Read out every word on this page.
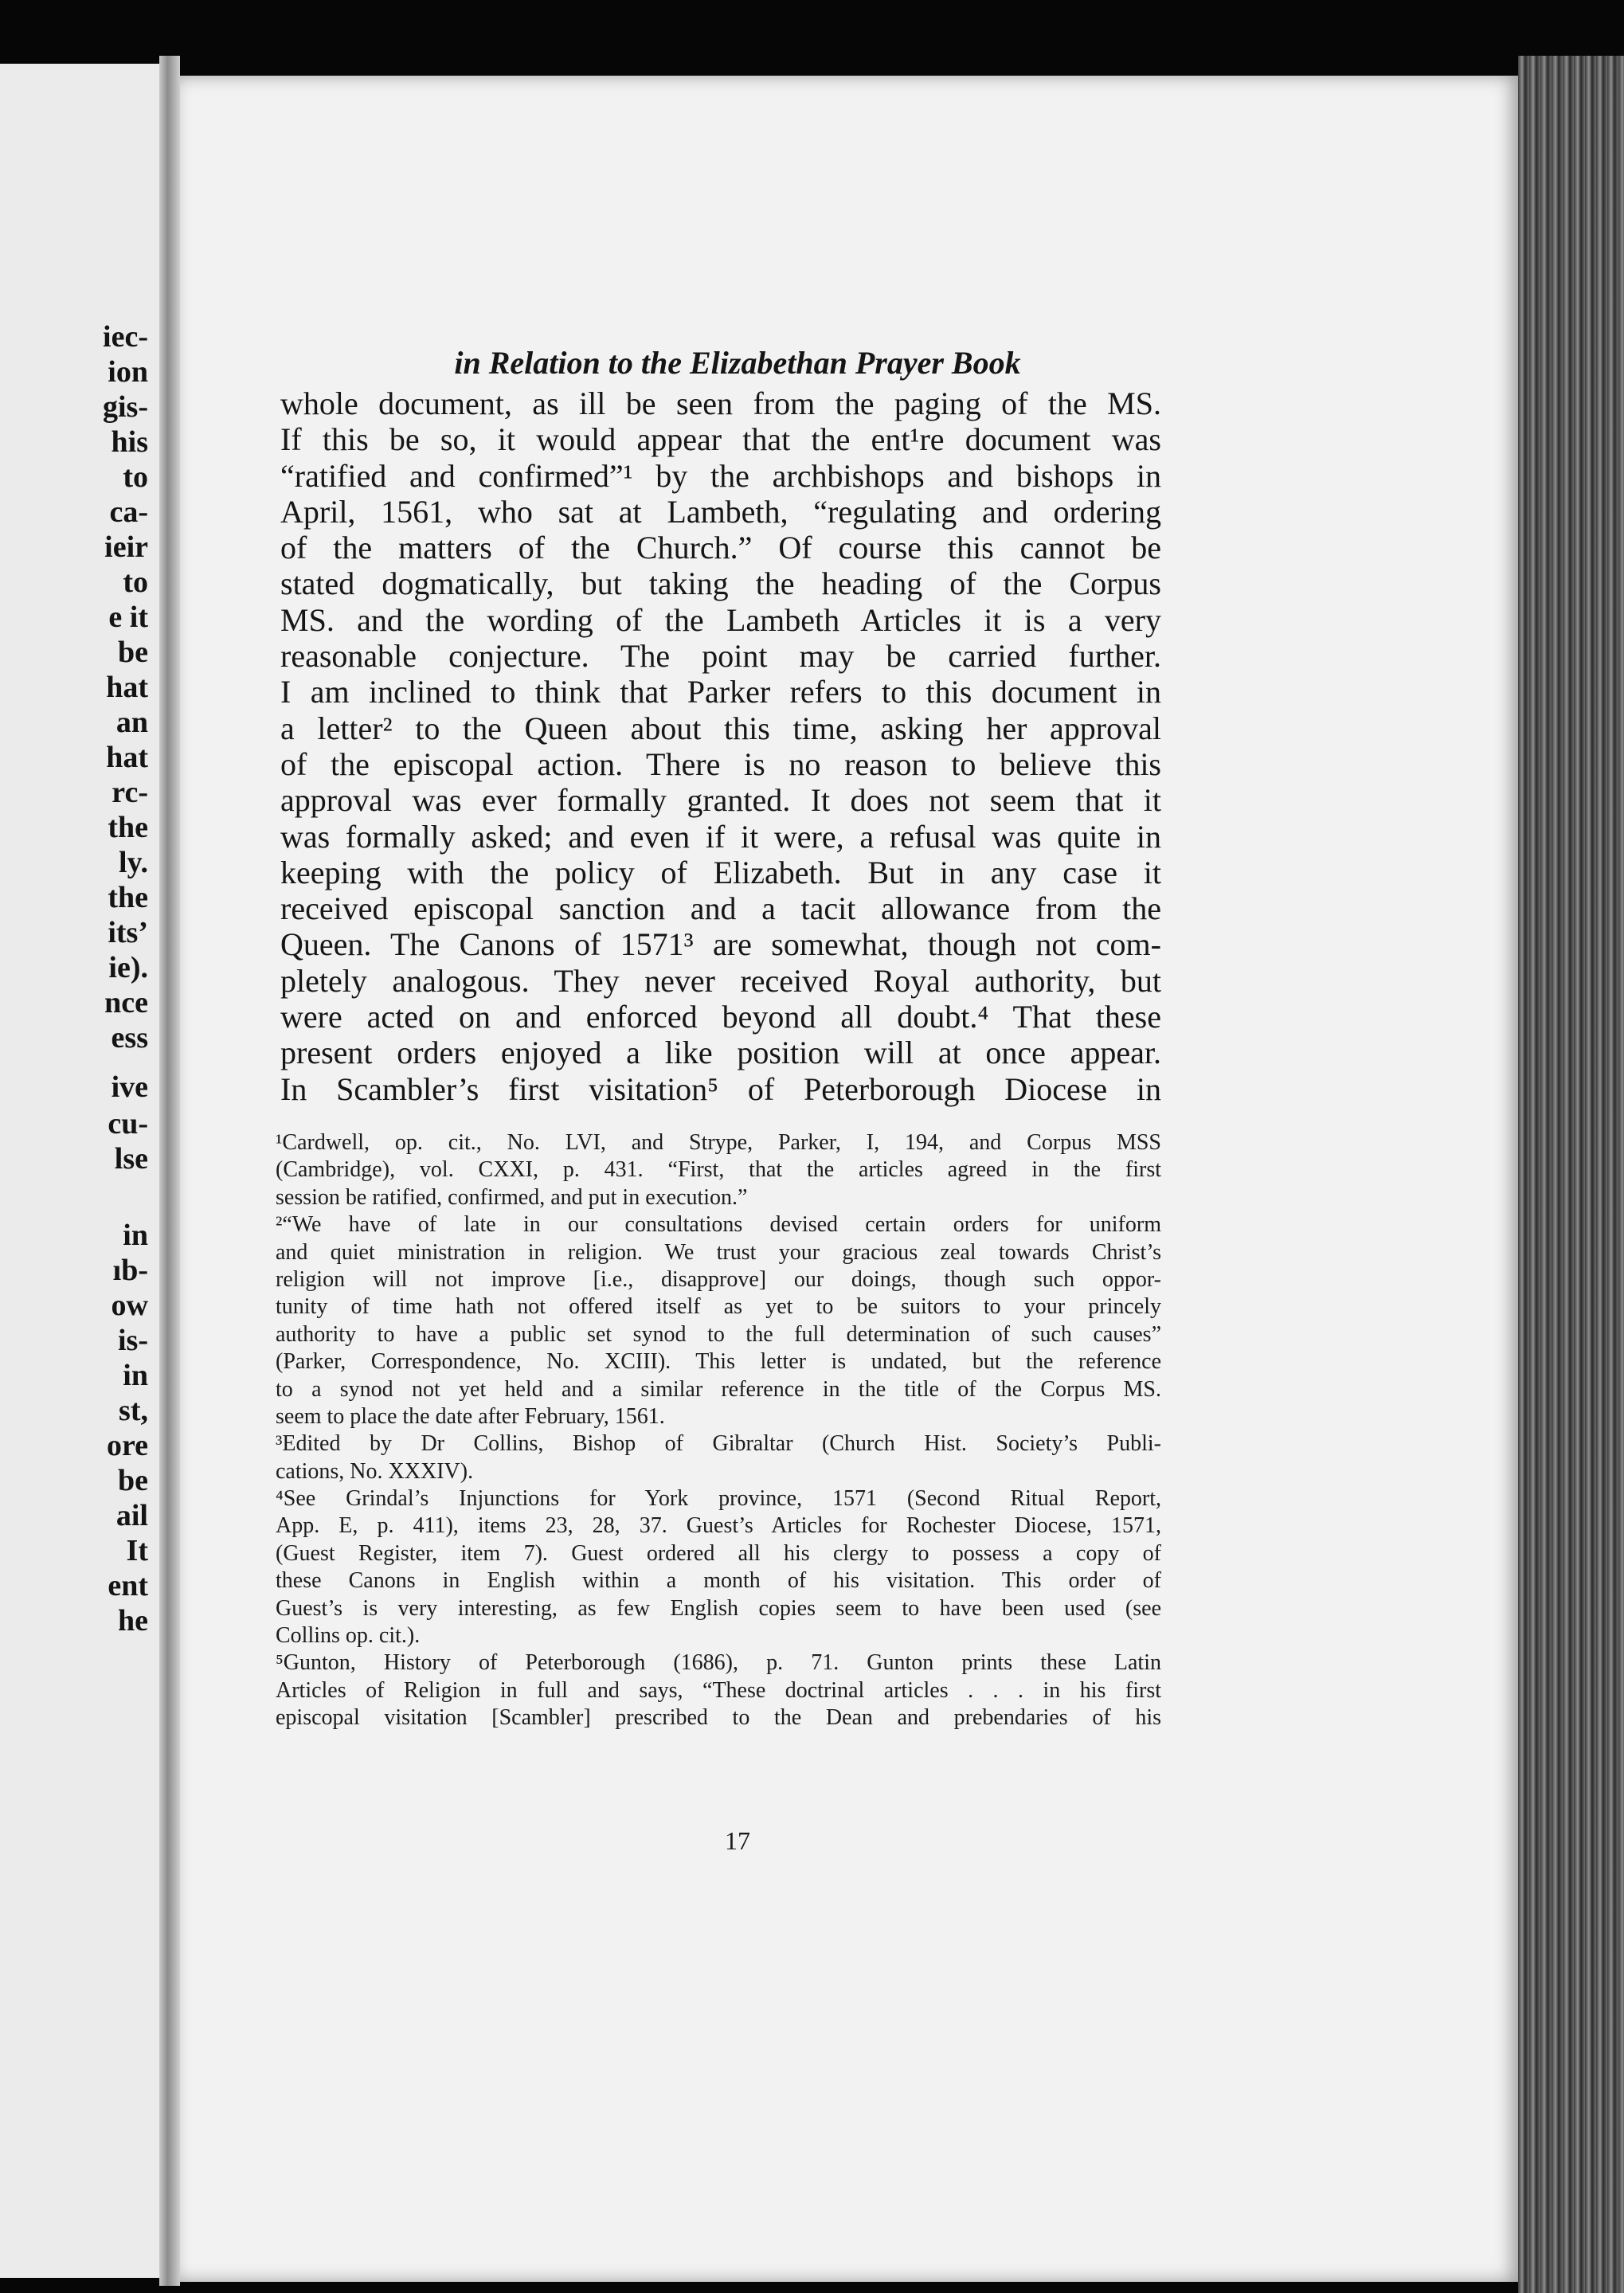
iec-
ion
gis-
his
to
ca-
ieir
to
e it
be
hat
an
hat
rc-
the
ly.
the
its’
ie).
nce
ess
ive
cu-
lse
in
ıb-
ow
is-
in
st,
ore
be
ail
It
ent
he
in Relation to the Elizabethan Prayer Book
whole document, as ill be seen from the paging of the MS.
If this be so, it would appear that the ent¹re document was
“ratified and confirmed”¹ by the archbishops and bishops in
April, 1561, who sat at Lambeth, “regulating and ordering
of the matters of the Church.” Of course this cannot be
stated dogmatically, but taking the heading of the Corpus
MS. and the wording of the Lambeth Articles it is a very
reasonable conjecture. The point may be carried further.
I am inclined to think that Parker refers to this document in
a letter² to the Queen about this time, asking her approval
of the episcopal action. There is no reason to believe this
approval was ever formally granted. It does not seem that it
was formally asked; and even if it were, a refusal was quite in
keeping with the policy of Elizabeth. But in any case it
received episcopal sanction and a tacit allowance from the
Queen. The Canons of 1571³ are somewhat, though not com-
pletely analogous. They never received Royal authority, but
were acted on and enforced beyond all doubt.⁴ That these
present orders enjoyed a like position will at once appear.
In Scambler’s first visitation⁵ of Peterborough Diocese in
¹Cardwell, op. cit., No. LVI, and Strype, Parker, I, 194, and Corpus MSS
(Cambridge), vol. CXXI, p. 431. “First, that the articles agreed in the first
session be ratified, confirmed, and put in execution.”
²“We have of late in our consultations devised certain orders for uniform
and quiet ministration in religion. We trust your gracious zeal towards Christ’s
religion will not improve [i.e., disapprove] our doings, though such oppor-
tunity of time hath not offered itself as yet to be suitors to your princely
authority to have a public set synod to the full determination of such causes”
(Parker, Correspondence, No. XCIII). This letter is undated, but the reference
to a synod not yet held and a similar reference in the title of the Corpus MS.
seem to place the date after February, 1561.
³Edited by Dr Collins, Bishop of Gibraltar (Church Hist. Society’s Publi-
cations, No. XXXIV).
⁴See Grindal’s Injunctions for York province, 1571 (Second Ritual Report,
App. E, p. 411), items 23, 28, 37. Guest’s Articles for Rochester Diocese, 1571,
(Guest Register, item 7). Guest ordered all his clergy to possess a copy of
these Canons in English within a month of his visitation. This order of
Guest’s is very interesting, as few English copies seem to have been used (see
Collins op. cit.).
⁵Gunton, History of Peterborough (1686), p. 71. Gunton prints these Latin
Articles of Religion in full and says, “These doctrinal articles . . . in his first
episcopal visitation [Scambler] prescribed to the Dean and prebendaries of his
17
